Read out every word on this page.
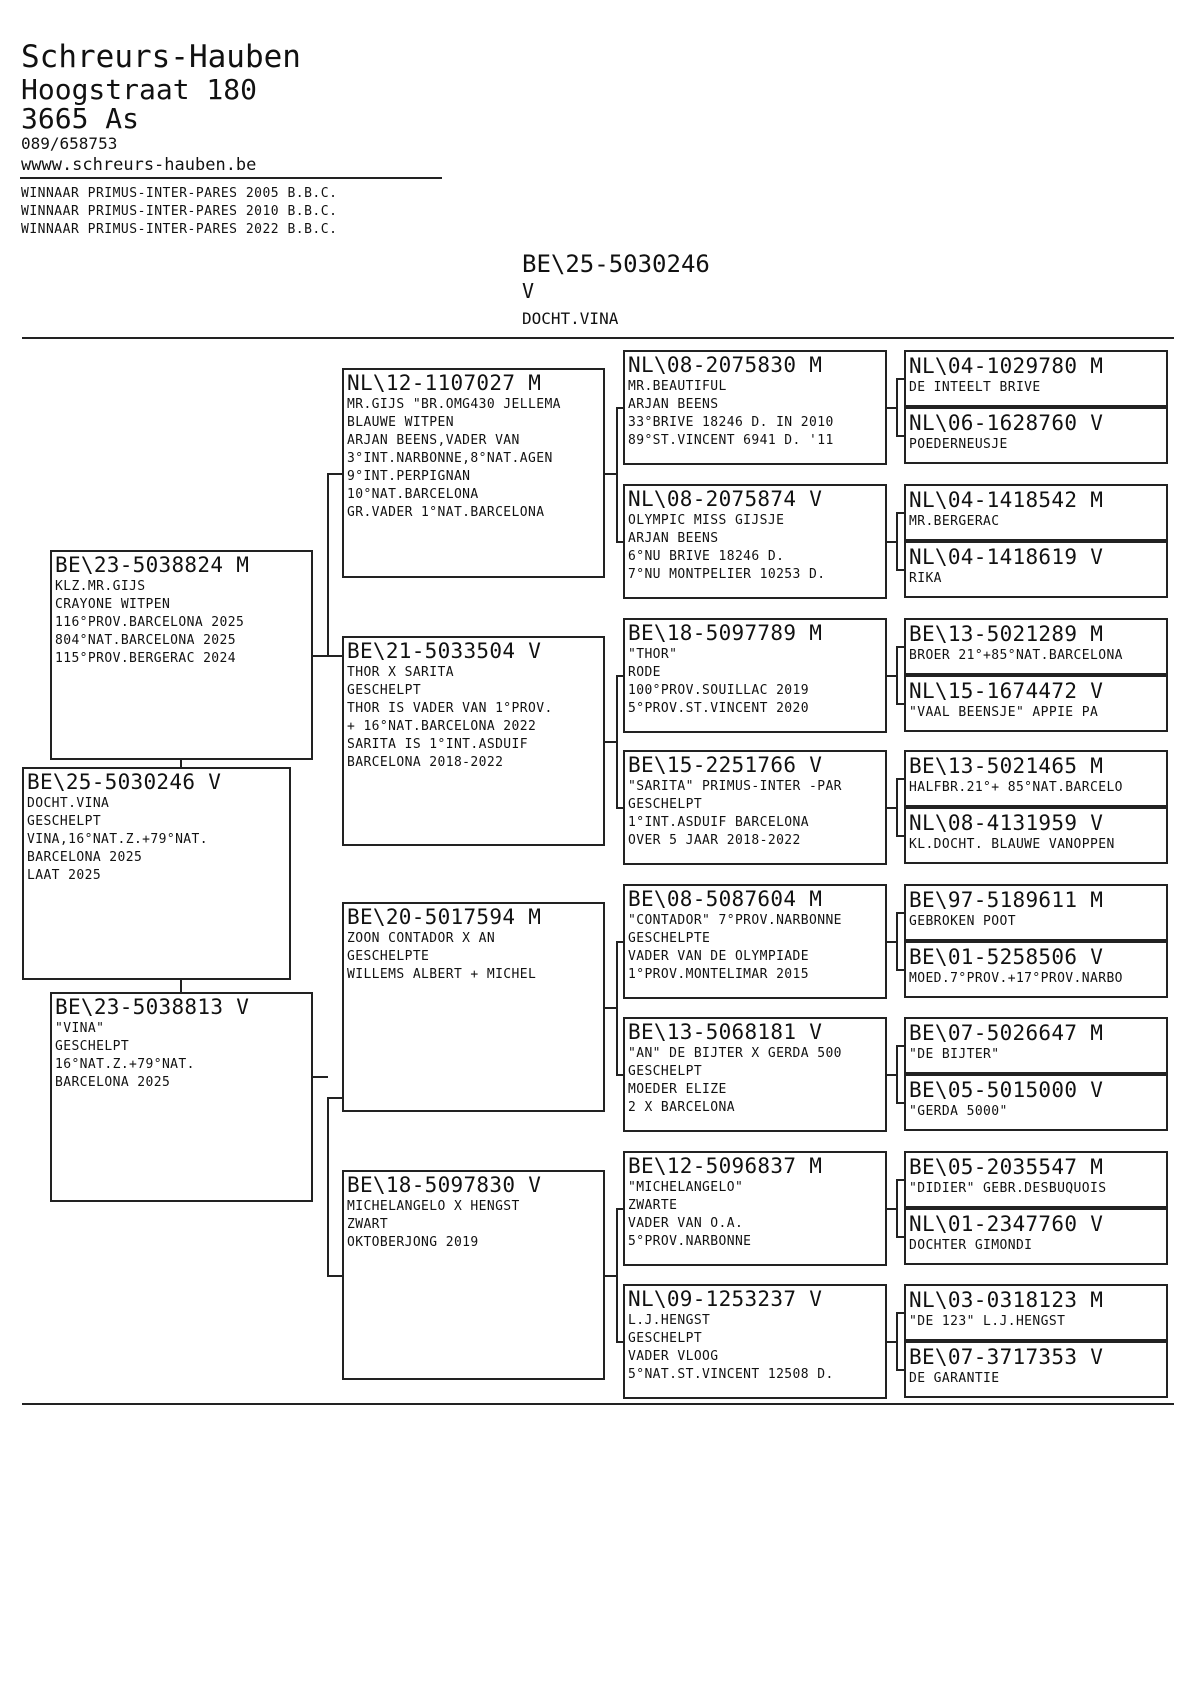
Schreurs-Hauben
Hoogstraat 180
3665 As
089/658753
wwww.schreurs-hauben.be
WINNAAR PRIMUS-INTER-PARES 2005 B.B.C.
WINNAAR PRIMUS-INTER-PARES 2010 B.B.C.
WINNAAR PRIMUS-INTER-PARES 2022 B.B.C.
BE\25-5030246
V
DOCHT.VINA
BE\25-5030246 V
DOCHT.VINA
GESCHELPT
VINA,16°NAT.Z.+79°NAT.
BARCELONA 2025
LAAT 2025
BE\23-5038824 M
KLZ.MR.GIJS
CRAYONE WITPEN
116°PROV.BARCELONA 2025
804°NAT.BARCELONA 2025
115°PROV.BERGERAC 2024
BE\23-5038813 V
"VINA"
GESCHELPT
16°NAT.Z.+79°NAT.
BARCELONA 2025
NL\12-1107027 M
MR.GIJS "BR.OMG430 JELLEMA
BLAUWE WITPEN
ARJAN BEENS,VADER VAN
3°INT.NARBONNE,8°NAT.AGEN
9°INT.PERPIGNAN
10°NAT.BARCELONA
GR.VADER 1°NAT.BARCELONA
BE\21-5033504 V
THOR X SARITA
GESCHELPT
THOR IS VADER VAN 1°PROV.
+ 16°NAT.BARCELONA 2022
SARITA IS 1°INT.ASDUIF
BARCELONA 2018-2022
BE\20-5017594 M
ZOON CONTADOR X AN
GESCHELPTE
WILLEMS ALBERT + MICHEL
BE\18-5097830 V
MICHELANGELO X HENGST
ZWART
OKTOBERJONG 2019
NL\08-2075830 M
MR.BEAUTIFUL
ARJAN BEENS
33°BRIVE 18246 D. IN 2010
89°ST.VINCENT 6941 D. '11
NL\08-2075874 V
OLYMPIC MISS GIJSJE
ARJAN BEENS
6°NU BRIVE 18246 D.
7°NU MONTPELIER 10253 D.
BE\18-5097789 M
"THOR"
RODE
100°PROV.SOUILLAC 2019
5°PROV.ST.VINCENT 2020
BE\15-2251766 V
"SARITA" PRIMUS-INTER -PAR
GESCHELPT
1°INT.ASDUIF BARCELONA
OVER 5 JAAR 2018-2022
BE\08-5087604 M
"CONTADOR" 7°PROV.NARBONNE
GESCHELPTE
VADER VAN DE OLYMPIADE
1°PROV.MONTELIMAR 2015
BE\13-5068181 V
"AN" DE BIJTER X GERDA 500
GESCHELPT
MOEDER ELIZE
2 X BARCELONA
BE\12-5096837 M
"MICHELANGELO"
ZWARTE
VADER VAN O.A.
5°PROV.NARBONNE
NL\09-1253237 V
L.J.HENGST
GESCHELPT
VADER VLOOG
5°NAT.ST.VINCENT 12508 D.
NL\04-1029780 M
DE INTEELT BRIVE
NL\06-1628760 V
POEDERNEUSJE
NL\04-1418542 M
MR.BERGERAC
NL\04-1418619 V
RIKA
BE\13-5021289 M
BROER 21°+85°NAT.BARCELONA
NL\15-1674472 V
"VAAL BEENSJE" APPIE PA
BE\13-5021465 M
HALFBR.21°+ 85°NAT.BARCELO
NL\08-4131959 V
KL.DOCHT. BLAUWE VANOPPEN
BE\97-5189611 M
GEBROKEN POOT
BE\01-5258506 V
MOED.7°PROV.+17°PROV.NARBO
BE\07-5026647 M
"DE BIJTER"
BE\05-5015000 V
"GERDA 5000"
BE\05-2035547 M
"DIDIER" GEBR.DESBUQUOIS
NL\01-2347760 V
DOCHTER GIMONDI
NL\03-0318123 M
"DE 123" L.J.HENGST
BE\07-3717353 V
DE GARANTIE
